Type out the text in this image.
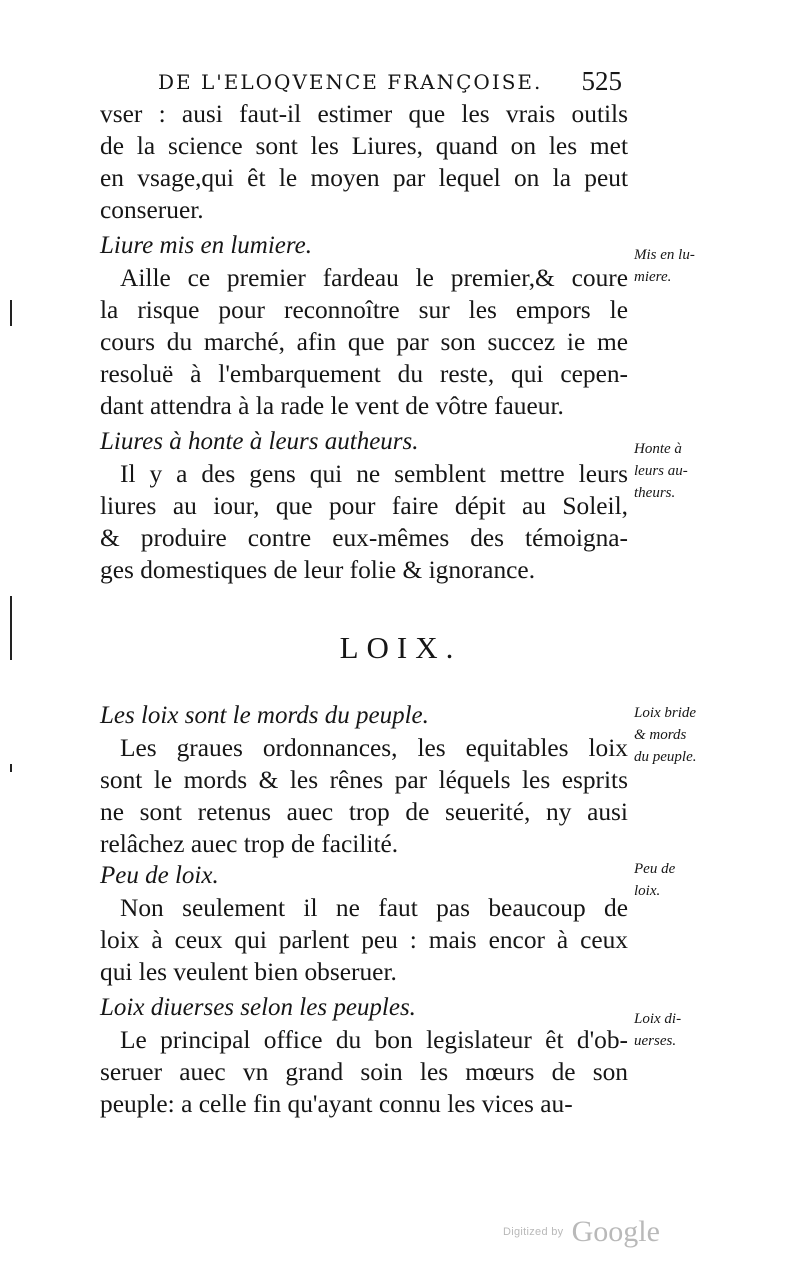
DE L'ELOQVENCE FRANÇOISE. 525
vser : ausi faut-il estimer que les vrais outils
de la science sont les Liures, quand on les met
en vsage,qui êt le moyen par lequel on la peut
conseruer.
Liure mis en lumiere.
Aille ce premier fardeau le premier,& coure
la risque pour reconnoître sur les empors le
cours du marché, afin que par son succez ie me
resoluë à l'embarquement du reste, qui cepen-
dant attendra à la rade le vent de vôtre faueur.
Liures à honte à leurs autheurs.
Il y a des gens qui ne semblent mettre leurs
liures au iour, que pour faire dépit au Soleil,
& produire contre eux-mêmes des témoigna-
ges domestiques de leur folie & ignorance.
LOIX.
Les loix sont le mords du peuple.
Les graues ordonnances, les equitables loix
sont le mords & les rênes par léquels les esprits
ne sont retenus auec trop de seuerité, ny ausi
relâchez auec trop de facilité.
Peu de loix.
Non seulement il ne faut pas beaucoup de
loix à ceux qui parlent peu : mais encor à ceux
qui les veulent bien obseruer.
Loix diuerses selon les peuples.
Le principal office du bon legislateur êt d'ob-
seruer auec vn grand soin les mœurs de son
peuple: a celle fin qu'ayant connu les vices au-
Mis en lu-
miere.
Honte à
leurs au-
theurs.
Loix bride
& mords
du peuple.
Peu de
loix.
Loix di-
uerses.
Digitized by Google
